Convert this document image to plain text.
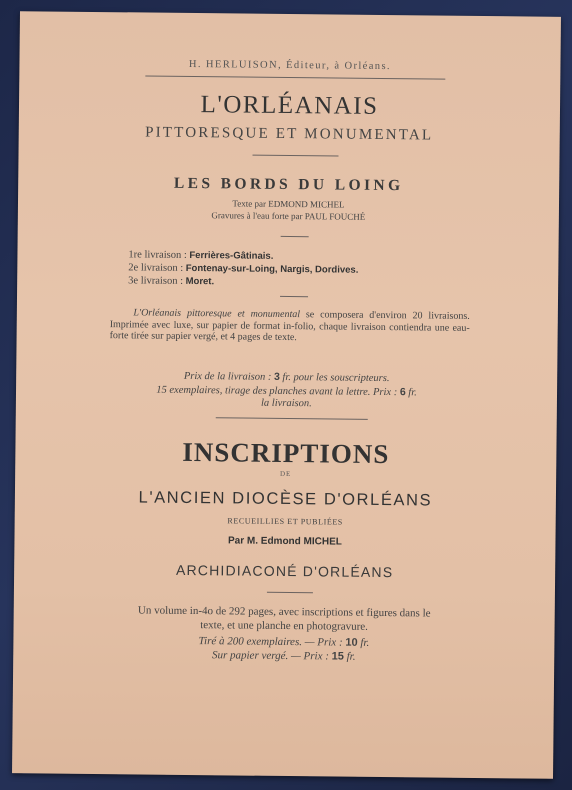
H. HERLUISON, Éditeur, à Orléans.
L'ORLÉANAIS
PITTORESQUE ET MONUMENTAL
LES BORDS DU LOING
Texte par EDMOND MICHEL
Gravures à l'eau forte par PAUL FOUCHÉ
1re livraison : Ferrières-Gâtinais.
2e livraison : Fontenay-sur-Loing, Nargis, Dordives.
3e livraison : Moret.
L'Orléanais pittoresque et monumental se composera d'environ 20 livraisons. Imprimée avec luxe, sur papier de format in-folio, chaque livraison contiendra une eau-forte tirée sur papier vergé, et 4 pages de texte.
Prix de la livraison : 3 fr. pour les souscripteurs.
15 exemplaires, tirage des planches avant la lettre. Prix : 6 fr.
la livraison.
INSCRIPTIONS
DE
L'ANCIEN DIOCÈSE D'ORLÉANS
RECUEILLIES ET PUBLIÉES
Par M. Edmond MICHEL
ARCHIDIACONÉ D'ORLÉANS
Un volume in-4o de 292 pages, avec inscriptions et figures dans le
texte, et une planche en photogravure.
Tiré à 200 exemplaires. — Prix : 10 fr.
Sur papier vergé. — Prix : 15 fr.
